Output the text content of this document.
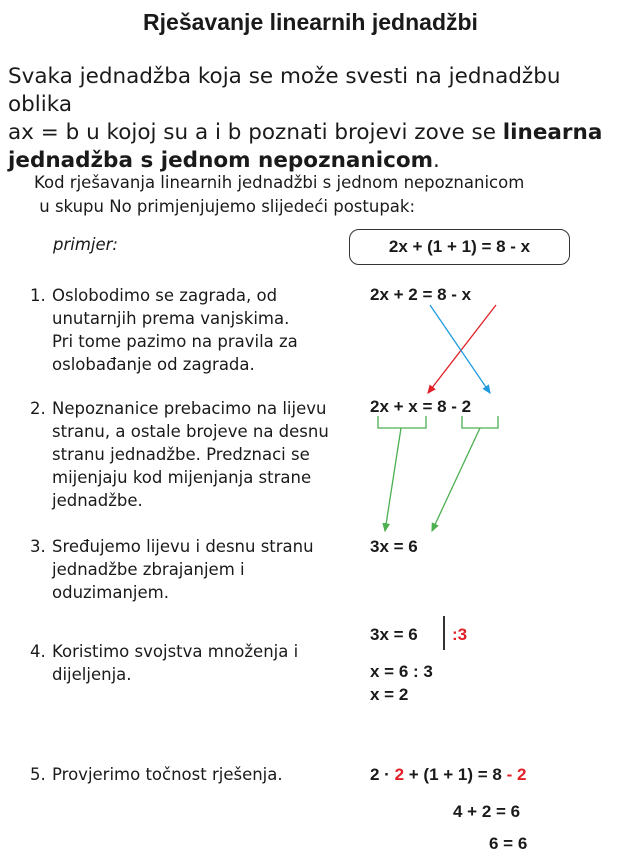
Rješavanje linearnih jednadžbi
Svaka jednadžba koja se može svesti na jednadžbu oblika
ax = b u kojoj su a i b poznati brojevi zove se linearna
jednadžba s jednom nepoznanicom.
Kod rješavanja linearnih jednadžbi s jednom nepoznanicom
u skupu No primjenjujemo slijedeći postupak:
primjer:	2x + (1 + 1) = 8 - x
1. Oslobodimo se zagrada, od
unutarnjih prema vanjskima.
Pri tome pazimo na pravila za
oslobađanje od zagrada.
2. Nepoznanice prebacimo na lijevu
stranu, a ostale brojeve na desnu
stranu jednadžbe. Predznaci se
mijenjaju kod mijenjanja strane
jednadžbe.
3. Sređujemo lijevu i desnu stranu
jednadžbe zbrajanjem i
oduzimanjem.
4. Koristimo svojstva množenja i
dijeljenja.
5. Provjerimo točnost rješenja.
2x + 2 = 8 - x
2x + x = 8 - 2
3x = 6
3x = 6 :3
x = 6 : 3
x = 2
2 · 2 + (1 + 1) = 8 - 2
4 + 2 = 6
6 = 6
